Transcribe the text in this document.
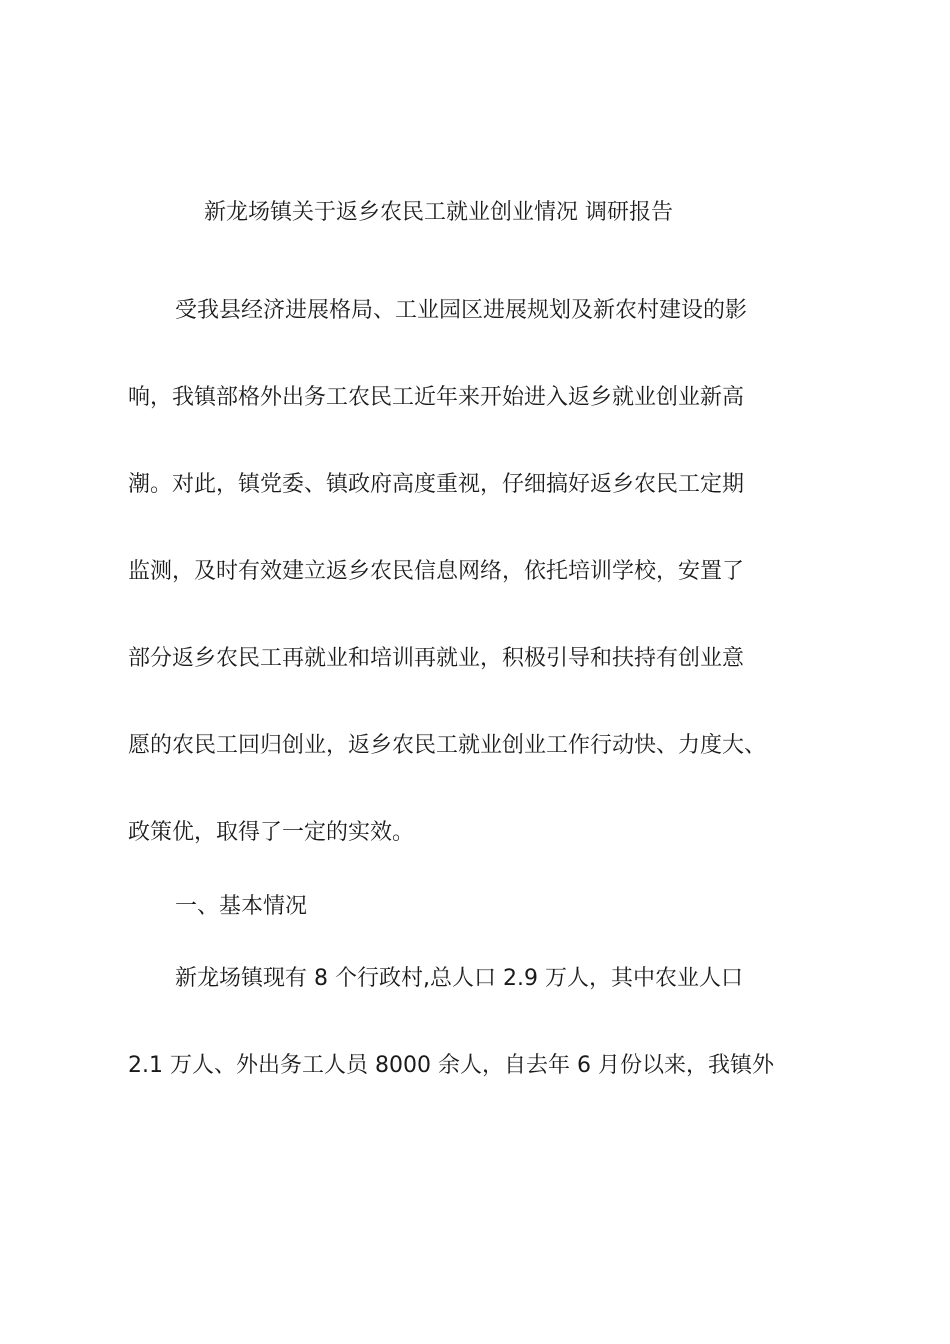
新龙场镇关于返乡农民工就业创业情况 调研报告
受我县经济进展格局、工业园区进展规划及新农村建设的影
响，我镇部格外出务工农民工近年来开始进入返乡就业创业新高
潮。对此，镇党委、镇政府高度重视，仔细搞好返乡农民工定期
监测，及时有效建立返乡农民信息网络，依托培训学校，安置了
部分返乡农民工再就业和培训再就业，积极引导和扶持有创业意
愿的农民工回归创业，返乡农民工就业创业工作行动快、力度大、
政策优，取得了一定的实效。
一、基本情况
新龙场镇现有 8 个行政村,总人口 2.9 万人，其中农业人口
2.1 万人、外出务工人员 8000 余人，自去年 6 月份以来，我镇外
